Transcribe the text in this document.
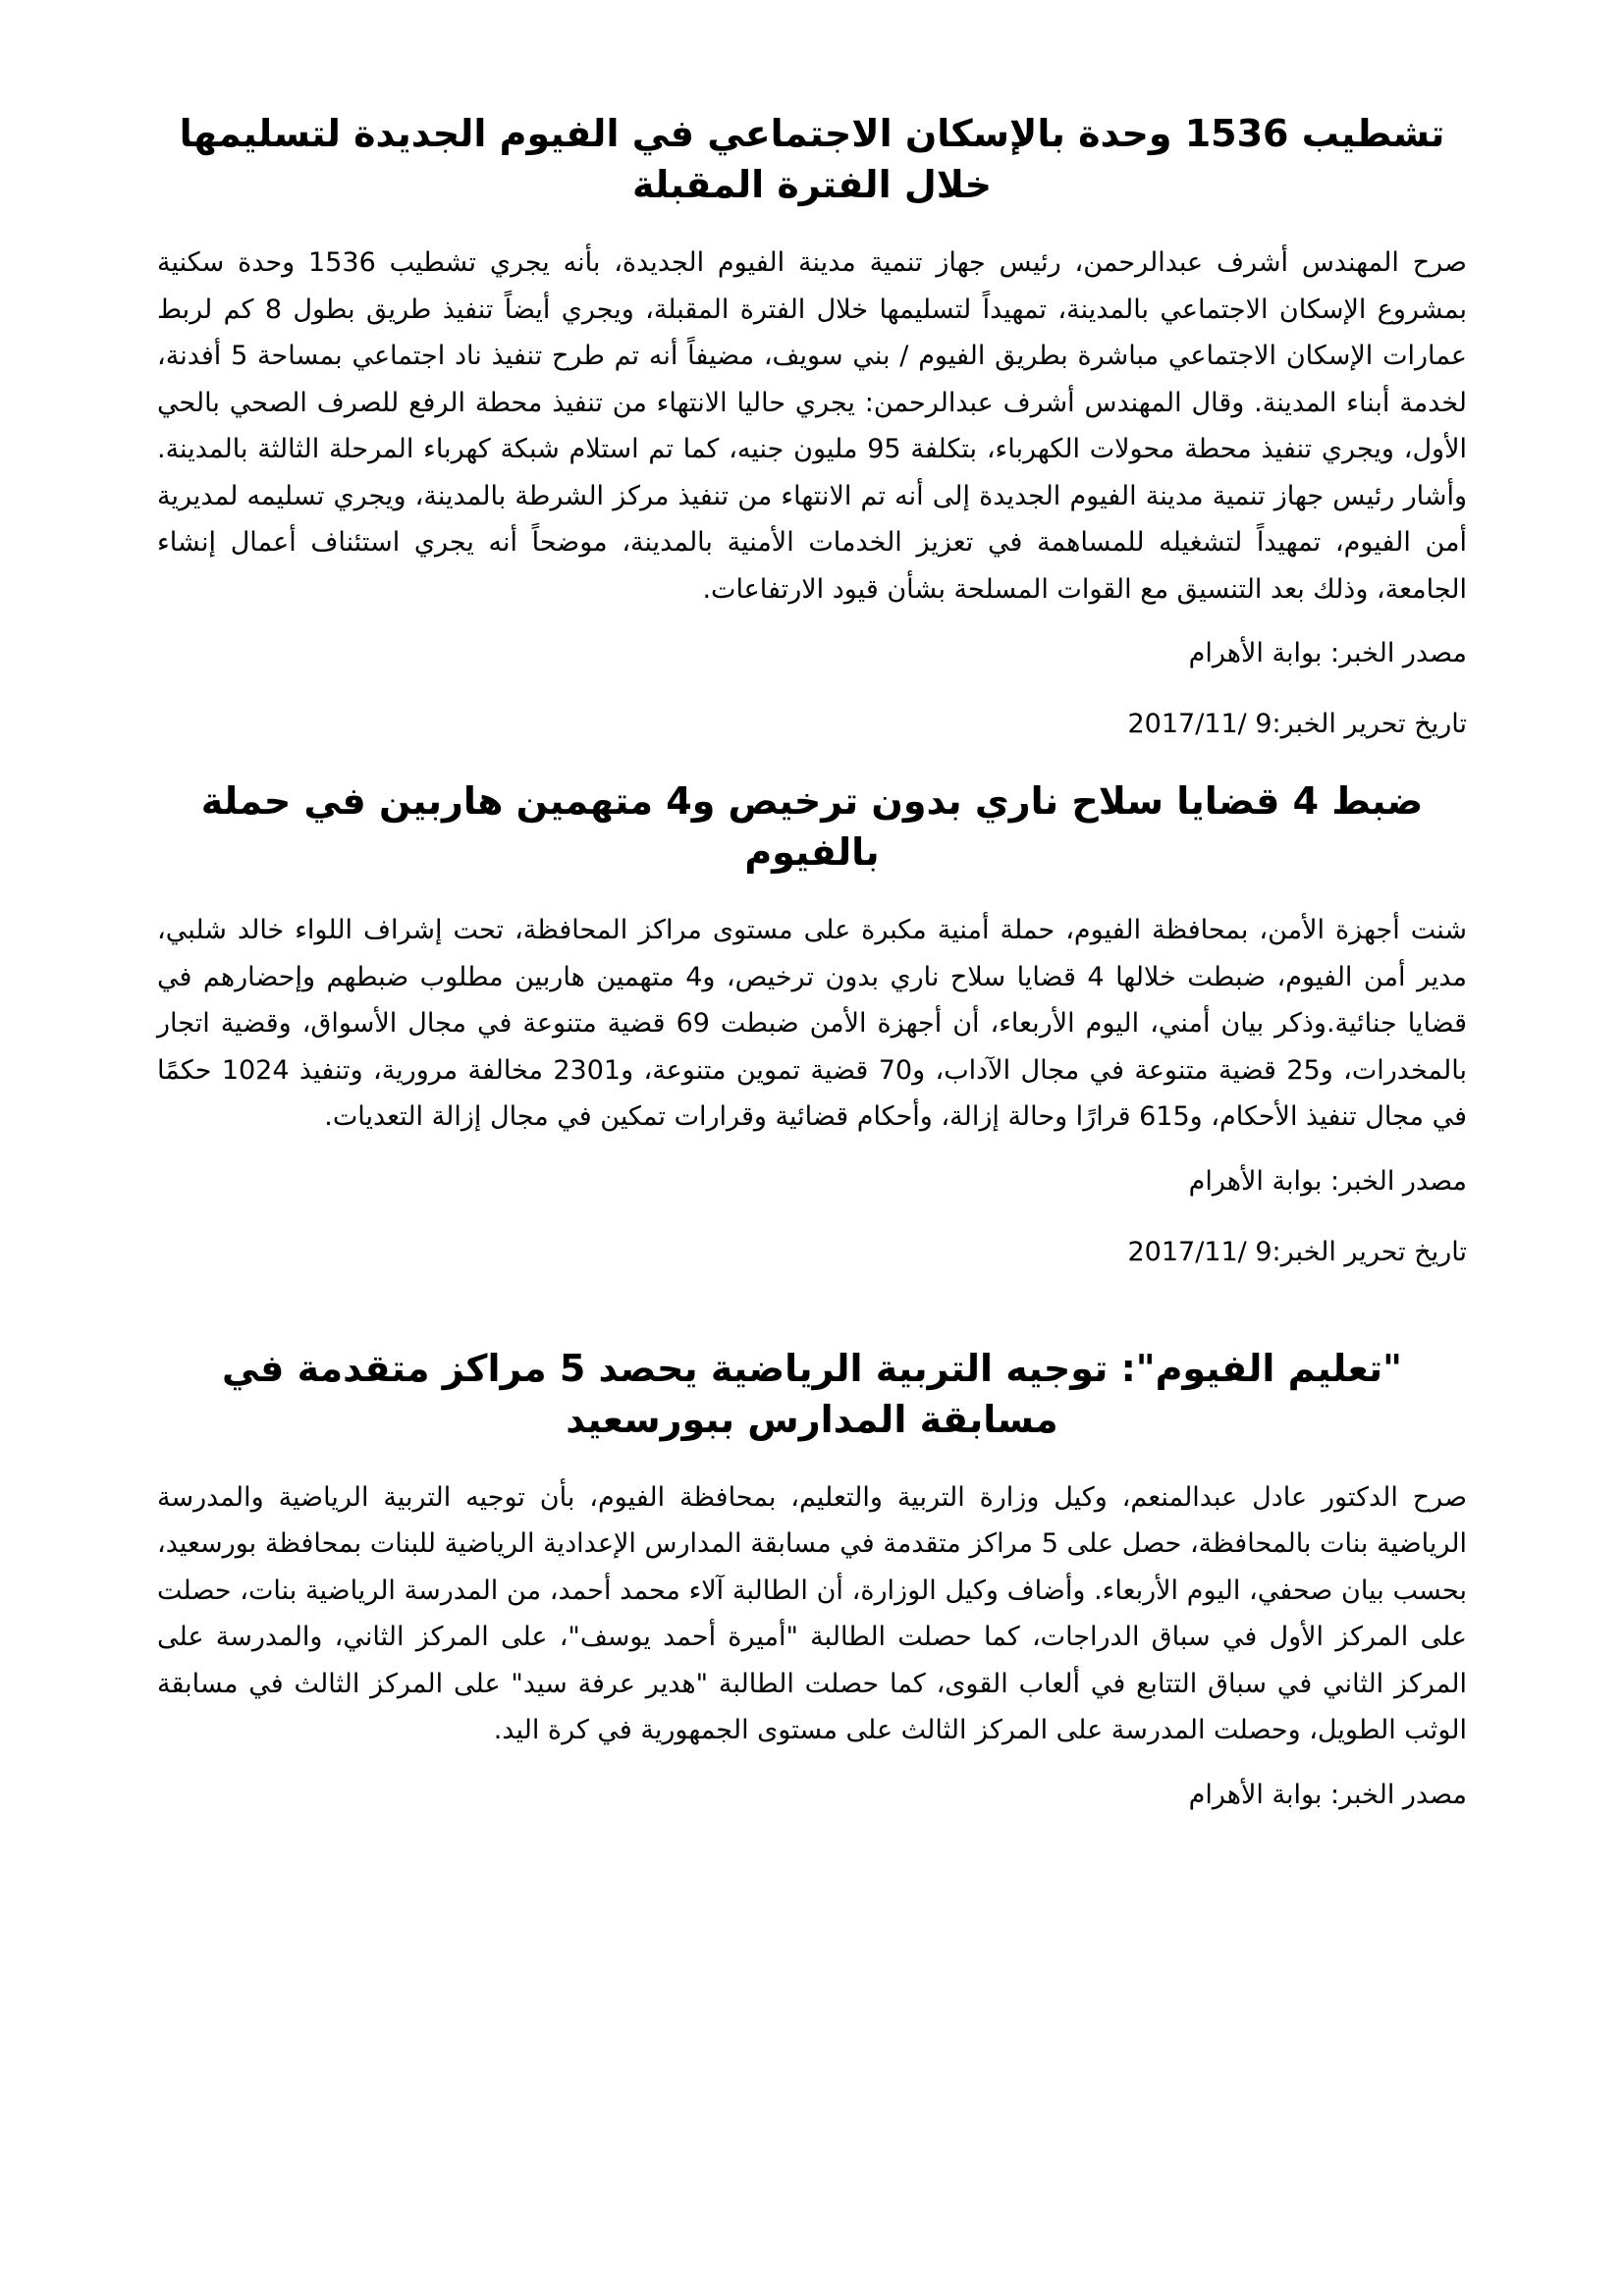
تشطيب 1536 وحدة بالإسكان الاجتماعي في الفيوم الجديدة لتسليمها خلال الفترة المقبلة

صرح المهندس أشرف عبدالرحمن، رئيس جهاز تنمية مدينة الفيوم الجديدة، بأنه يجري تشطيب 1536 وحدة سكنية بمشروع الإسكان الاجتماعي بالمدينة، تمهيداً لتسليمها خلال الفترة المقبلة، ويجري أيضاً تنفيذ طريق بطول 8 كم لربط عمارات الإسكان الاجتماعي مباشرة بطريق الفيوم / بني سويف، مضيفاً أنه تم طرح تنفيذ ناد اجتماعي بمساحة 5 أفدنة، لخدمة أبناء المدينة. وقال المهندس أشرف عبدالرحمن: يجري حاليا الانتهاء من تنفيذ محطة الرفع للصرف الصحي بالحي الأول، ويجري تنفيذ محطة محولات الكهرباء، بتكلفة 95 مليون جنيه، كما تم استلام شبكة كهرباء المرحلة الثالثة بالمدينة. وأشار رئيس جهاز تنمية مدينة الفيوم الجديدة إلى أنه تم الانتهاء من تنفيذ مركز الشرطة بالمدينة، ويجري تسليمه لمديرية أمن الفيوم، تمهيداً لتشغيله للمساهمة في تعزيز الخدمات الأمنية بالمدينة، موضحاً أنه يجري استئناف أعمال إنشاء الجامعة، وذلك بعد التنسيق مع القوات المسلحة بشأن قيود الارتفاعات.

مصدر الخبر: بوابة الأهرام

تاريخ تحرير الخبر:9 /2017/11

ضبط 4 قضايا سلاح ناري بدون ترخيص و4 متهمين هاربين في حملة بالفيوم

شنت أجهزة الأمن، بمحافظة الفيوم، حملة أمنية مكبرة على مستوى مراكز المحافظة، تحت إشراف اللواء خالد شلبي، مدير أمن الفيوم، ضبطت خلالها 4 قضايا سلاح ناري بدون ترخيص، و4 متهمين هاربين مطلوب ضبطهم وإحضارهم في قضايا جنائية.وذكر بيان أمني، اليوم الأربعاء، أن أجهزة الأمن ضبطت 69 قضية متنوعة في مجال الأسواق، وقضية اتجار بالمخدرات، و25 قضية متنوعة في مجال الآداب، و70 قضية تموين متنوعة، و2301 مخالفة مرورية، وتنفيذ 1024 حكمًا في مجال تنفيذ الأحكام، و615 قرارًا وحالة إزالة، وأحكام قضائية وقرارات تمكين في مجال إزالة التعديات.

مصدر الخبر: بوابة الأهرام

تاريخ تحرير الخبر:9 /2017/11

"تعليم الفيوم": توجيه التربية الرياضية يحصد 5 مراكز متقدمة في مسابقة المدارس ببورسعيد

صرح الدكتور عادل عبدالمنعم، وكيل وزارة التربية والتعليم، بمحافظة الفيوم، بأن توجيه التربية الرياضية والمدرسة الرياضية بنات بالمحافظة، حصل على 5 مراكز متقدمة في مسابقة المدارس الإعدادية الرياضية للبنات بمحافظة بورسعيد، بحسب بيان صحفي، اليوم الأربعاء. وأضاف وكيل الوزارة، أن الطالبة آلاء محمد أحمد، من المدرسة الرياضية بنات، حصلت على المركز الأول في سباق الدراجات، كما حصلت الطالبة "أميرة أحمد يوسف"، على المركز الثاني، والمدرسة على المركز الثاني في سباق التتابع في ألعاب القوى، كما حصلت الطالبة "هدير عرفة سيد" على المركز الثالث في مسابقة الوثب الطويل، وحصلت المدرسة على المركز الثالث على مستوى الجمهورية في كرة اليد.

مصدر الخبر: بوابة الأهرام
